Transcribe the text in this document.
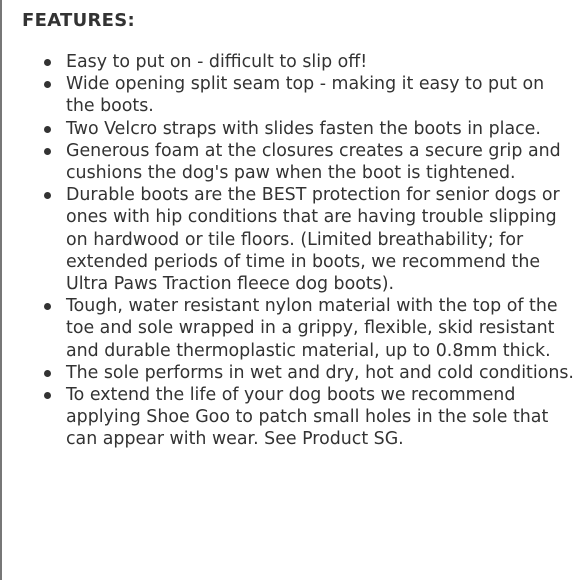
FEATURES:
Easy to put on - difficult to slip off!
Wide opening split seam top - making it easy to put on the boots.
Two Velcro straps with slides fasten the boots in place.
Generous foam at the closures creates a secure grip and cushions the dog's paw when the boot is tightened.
Durable boots are the BEST protection for senior dogs or ones with hip conditions that are having trouble slipping on hardwood or tile floors. (Limited breathability; for extended periods of time in boots, we recommend the Ultra Paws Traction fleece dog boots).
Tough, water resistant nylon material with the top of the toe and sole wrapped in a grippy, flexible, skid resistant and durable thermoplastic material, up to 0.8mm thick.
The sole performs in wet and dry, hot and cold conditions.
To extend the life of your dog boots we recommend applying Shoe Goo to patch small holes in the sole that can appear with wear. See Product SG.
